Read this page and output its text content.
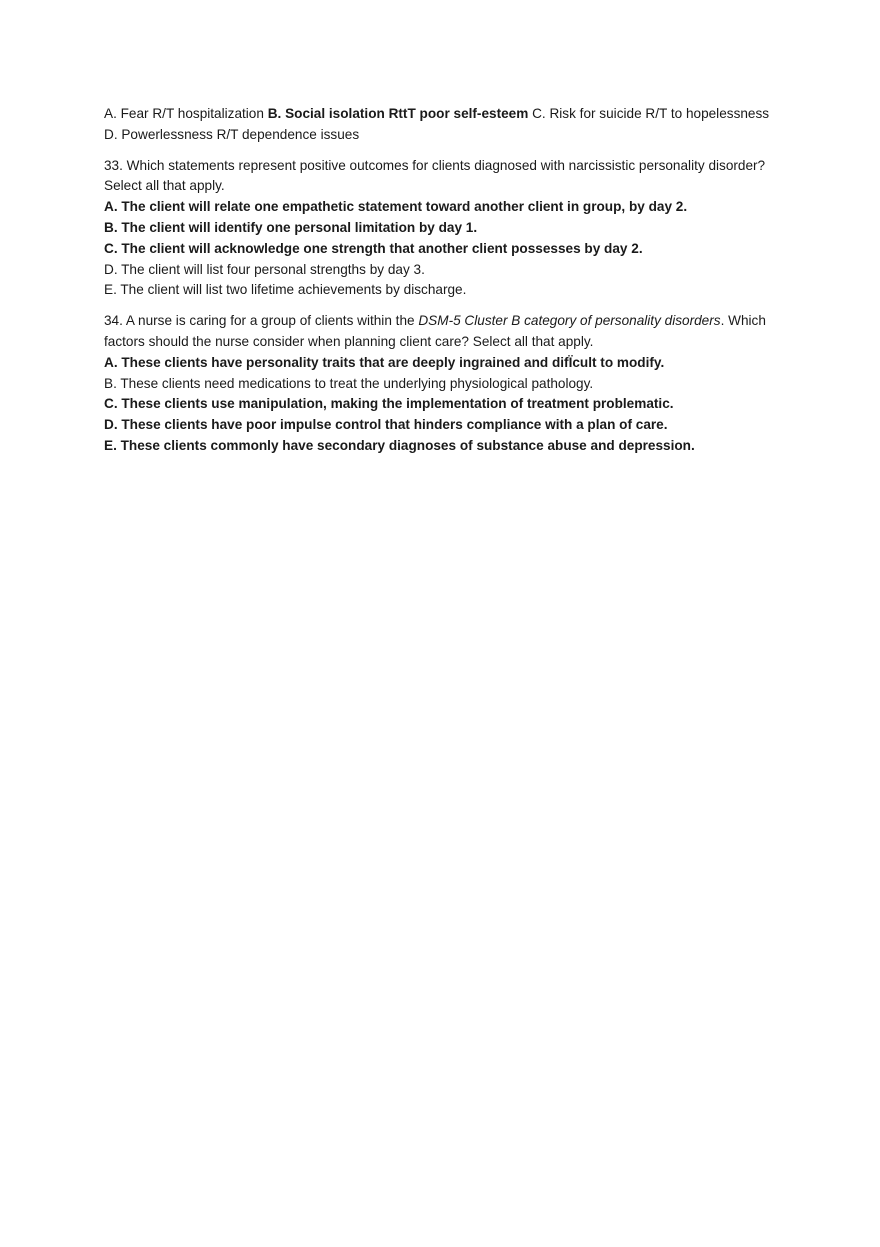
A. Fear R/T hospitalization B. Social isolation RttT poor self-esteem C. Risk for suicide R/T to hopelessness D. Powerlessness R/T dependence issues

33. Which statements represent positive outcomes for clients diagnosed with narcissistic personality disorder? Select all that apply.

A. The client will relate one empathetic statement toward another client in group, by day 2.

B. The client will identify one personal limitation by day 1.

C. The client will acknowledge one strength that another client possesses by day 2.

D. The client will list four personal strengths by day 3.

E. The client will list two lifetime achievements by discharge.

34. A nurse is caring for a group of clients within the DSM-5 Cluster B category of personality disorders. Which factors should the nurse consider when planning client care? Select all that apply.

A. These clients have personality traits that are deeply ingrained and difÏcult to modify.

B. These clients need medications to treat the underlying physiological pathology.

C. These clients use manipulation, making the implementation of treatment problematic.

D. These clients have poor impulse control that hinders compliance with a plan of care.

E. These clients commonly have secondary diagnoses of substance abuse and depression.
